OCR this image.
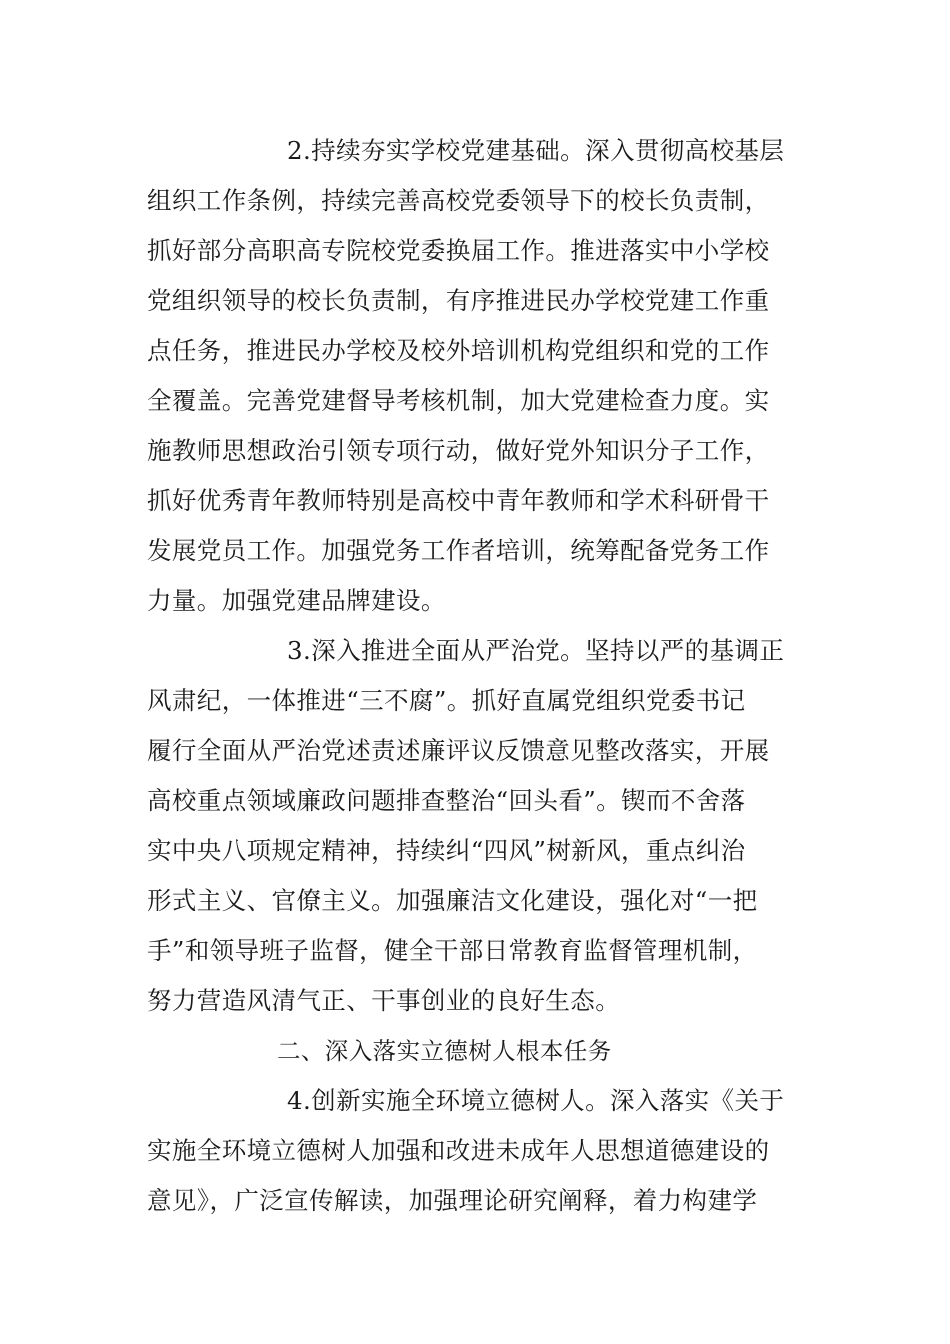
2.持续夯实学校党建基础。深入贯彻高校基层
组织工作条例，持续完善高校党委领导下的校长负责制，
抓好部分高职高专院校党委换届工作。推进落实中小学校
党组织领导的校长负责制，有序推进民办学校党建工作重
点任务，推进民办学校及校外培训机构党组织和党的工作
全覆盖。完善党建督导考核机制，加大党建检查力度。实
施教师思想政治引领专项行动，做好党外知识分子工作，
抓好优秀青年教师特别是高校中青年教师和学术科研骨干
发展党员工作。加强党务工作者培训，统筹配备党务工作
力量。加强党建品牌建设。
3.深入推进全面从严治党。坚持以严的基调正
风肃纪，一体推进“三不腐”。抓好直属党组织党委书记
履行全面从严治党述责述廉评议反馈意见整改落实，开展
高校重点领域廉政问题排查整治“回头看”。锲而不舍落
实中央八项规定精神，持续纠“四风”树新风，重点纠治
形式主义、官僚主义。加强廉洁文化建设，强化对“一把
手”和领导班子监督，健全干部日常教育监督管理机制，
努力营造风清气正、干事创业的良好生态。
二、深入落实立德树人根本任务
4.创新实施全环境立德树人。深入落实《关于
实施全环境立德树人加强和改进未成年人思想道德建设的
意见》，广泛宣传解读，加强理论研究阐释，着力构建学
